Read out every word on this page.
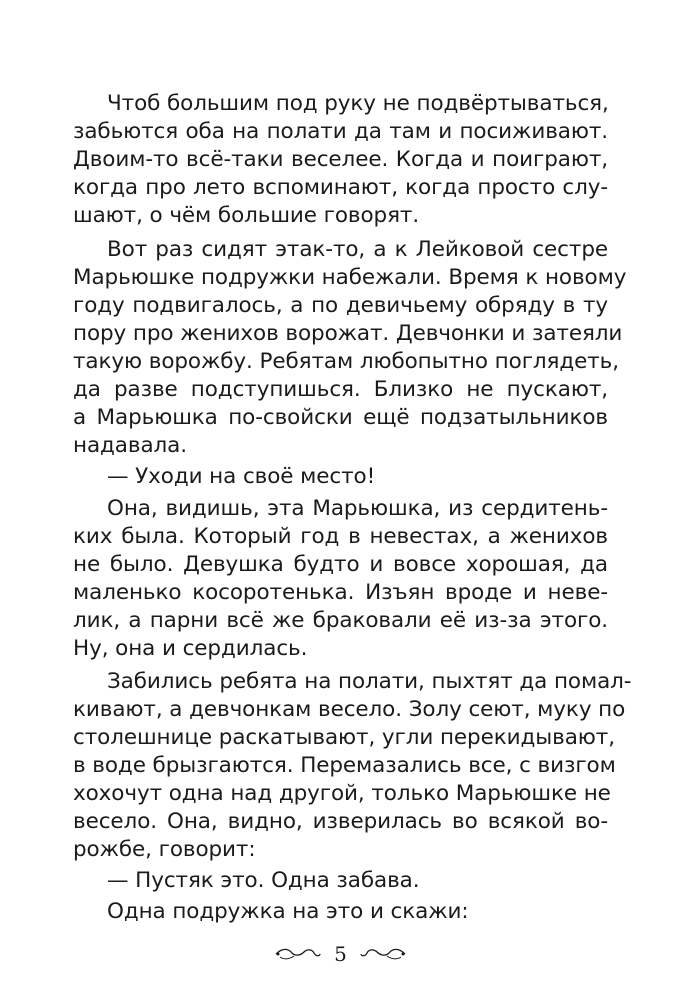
Чтоб большим под руку не подвёртываться,
забьются оба на полати да там и посиживают.
Двоим-то всё-таки веселее. Когда и поиграют,
когда про лето вспоминают, когда просто слу-
шают, о чём большие говорят.
Вот раз сидят этак-то, а к Лейковой сестре
Марьюшке подружки набежали. Время к новому
году подвигалось, а по девичьему обряду в ту
пору про женихов ворожат. Девчонки и затеяли
такую ворожбу. Ребятам любопытно поглядеть,
да разве подступишься. Близко не пускают,
а Марьюшка по-свойски ещё подзатыльников
надавала.
— Уходи на своё место!
Она, видишь, эта Марьюшка, из сердитень-
ких была. Который год в невестах, а женихов
не было. Девушка будто и вовсе хорошая, да
маленько косоротенька. Изъян вроде и неве-
лик, а парни всё же браковали её из-за этого.
Ну, она и сердилась.
Забились ребята на полати, пыхтят да помал-
кивают, а девчонкам весело. Золу сеют, муку по
столешнице раскатывают, угли перекидывают,
в воде брызгаются. Перемазались все, с визгом
хохочут одна над другой, только Марьюшке не
весело. Она, видно, изверилась во всякой во-
рожбе, говорит:
— Пустяк это. Одна забава.
Одна подружка на это и скажи:
5
